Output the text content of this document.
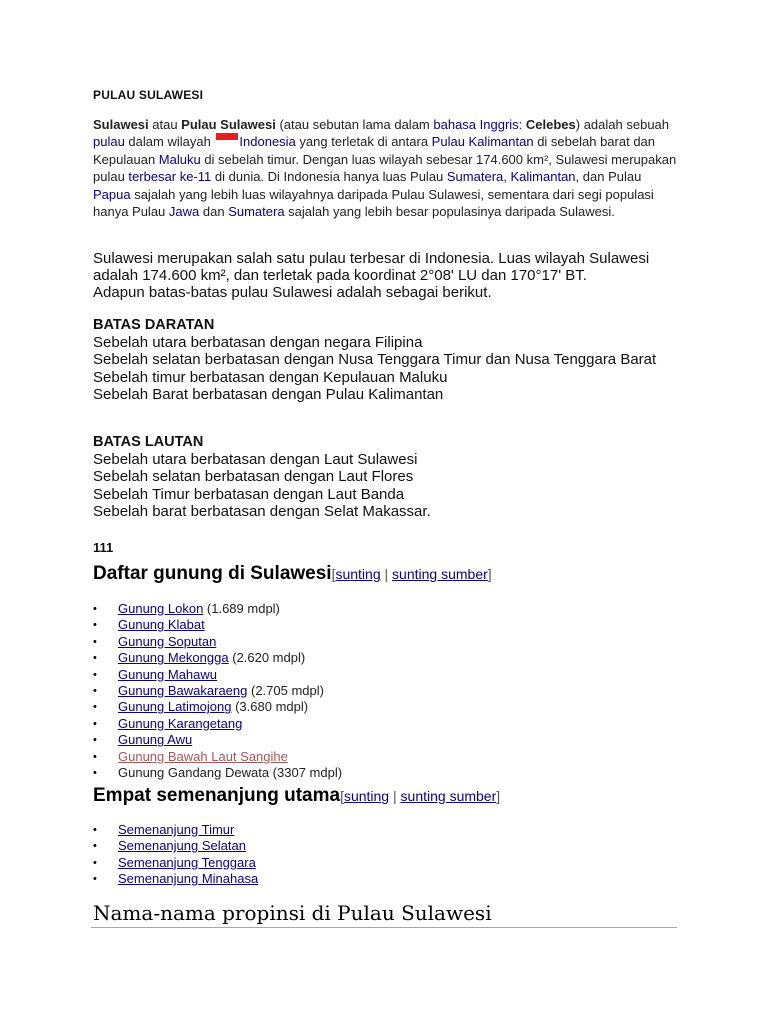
PULAU SULAWESI
Sulawesi atau Pulau Sulawesi (atau sebutan lama dalam bahasa Inggris: Celebes) adalah sebuah pulau dalam wilayah Indonesia yang terletak di antara Pulau Kalimantan di sebelah barat dan Kepulauan Maluku di sebelah timur. Dengan luas wilayah sebesar 174.600 km², Sulawesi merupakan pulau terbesar ke-11 di dunia. Di Indonesia hanya luas Pulau Sumatera, Kalimantan, dan Pulau Papua sajalah yang lebih luas wilayahnya daripada Pulau Sulawesi, sementara dari segi populasi hanya Pulau Jawa dan Sumatera sajalah yang lebih besar populasinya daripada Sulawesi.
Sulawesi merupakan salah satu pulau terbesar di Indonesia. Luas wilayah Sulawesi
adalah 174.600 km², dan terletak pada koordinat 2°08' LU dan 170°17' BT.
Adapun batas-batas pulau Sulawesi adalah sebagai berikut.
BATAS DARATAN
Sebelah utara berbatasan dengan negara Filipina
Sebelah selatan berbatasan dengan Nusa Tenggara Timur dan Nusa Tenggara Barat
Sebelah timur berbatasan dengan Kepulauan Maluku
Sebelah Barat berbatasan dengan Pulau Kalimantan
BATAS LAUTAN
Sebelah utara berbatasan dengan Laut Sulawesi
Sebelah selatan berbatasan dengan Laut Flores
Sebelah Timur berbatasan dengan Laut Banda
Sebelah barat berbatasan dengan Selat Makassar.
111
Daftar gunung di Sulawesi[sunting | sunting sumber]
• Gunung Lokon (1.689 mdpl)
• Gunung Klabat
• Gunung Soputan
• Gunung Mekongga (2.620 mdpl)
• Gunung Mahawu
• Gunung Bawakaraeng (2.705 mdpl)
• Gunung Latimojong (3.680 mdpl)
• Gunung Karangetang
• Gunung Awu
• Gunung Bawah Laut Sangihe
• Gunung Gandang Dewata (3307 mdpl)
Empat semenanjung utama[sunting | sunting sumber]
• Semenanjung Timur
• Semenanjung Selatan
• Semenanjung Tenggara
• Semenanjung Minahasa
Nama-nama propinsi di Pulau Sulawesi
